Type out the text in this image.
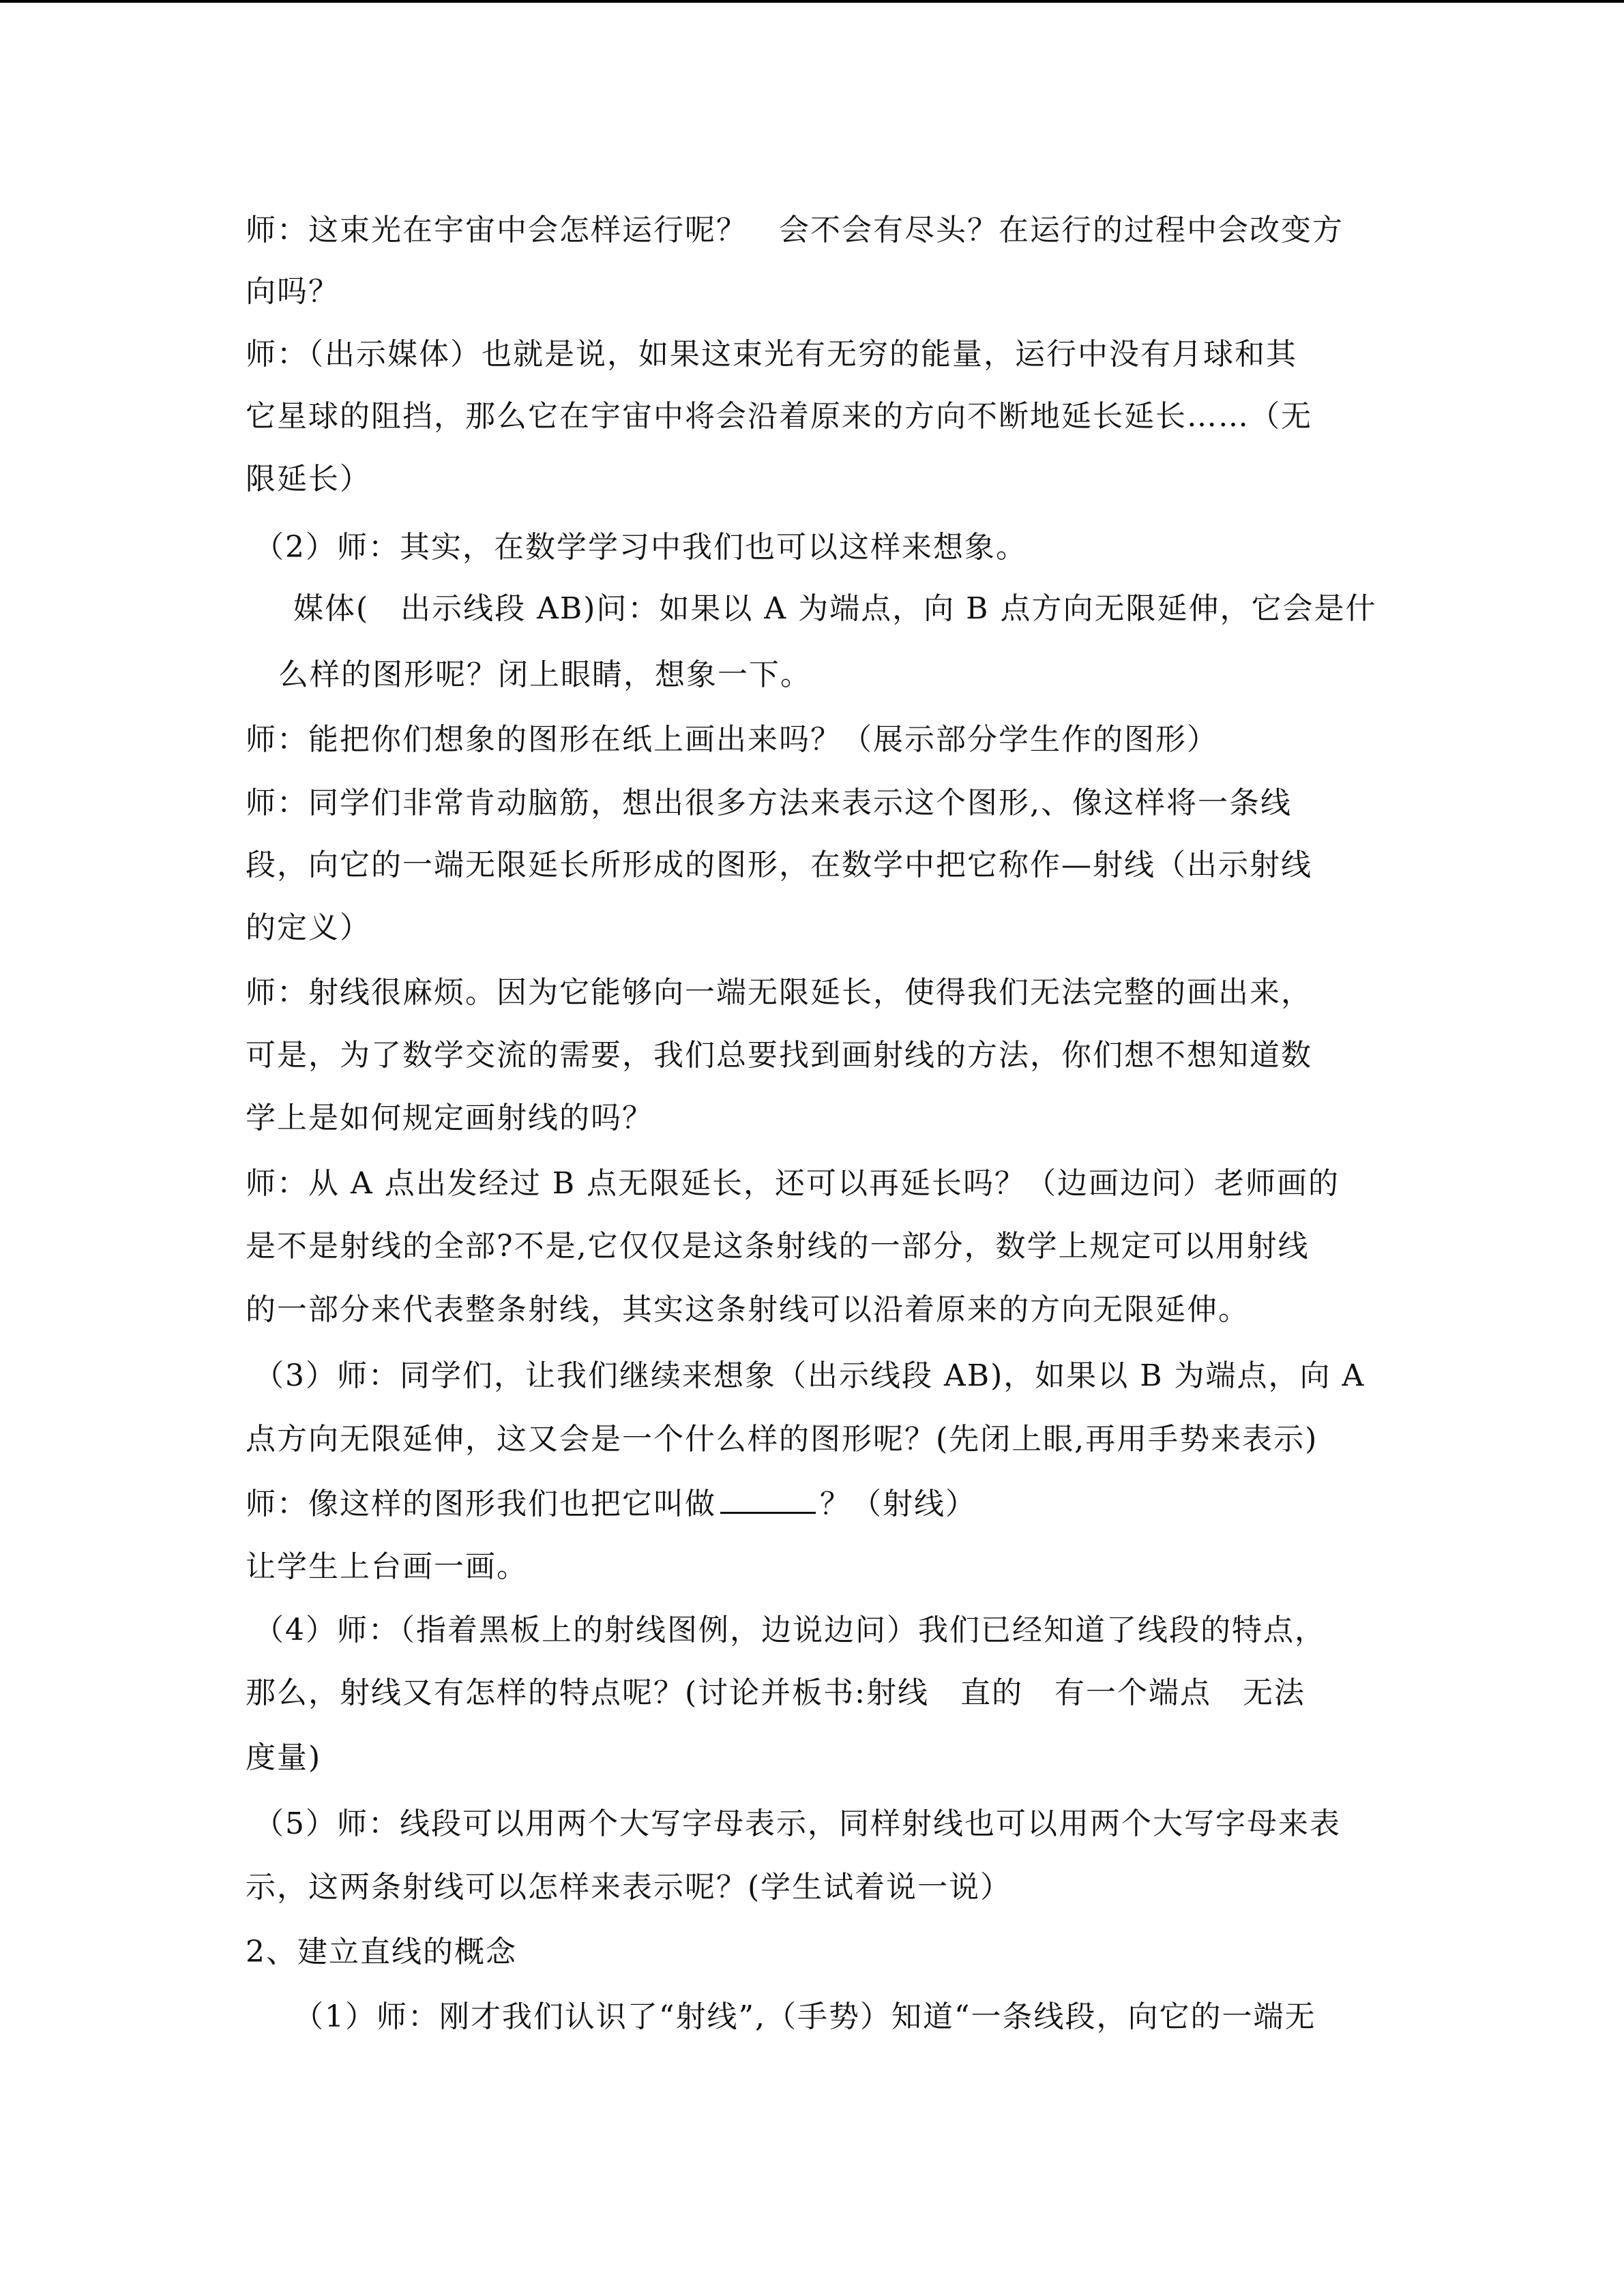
师：这束光在宇宙中会怎样运行呢？　会不会有尽头？在运行的过程中会改变方
向吗？
师：（出示媒体）也就是说，如果这束光有无穷的能量，运行中没有月球和其
它星球的阻挡，那么它在宇宙中将会沿着原来的方向不断地延长延长……（无
限延长）
（2）师：其实，在数学学习中我们也可以这样来想象。
媒体(　出示线段 AB)问：如果以 A 为端点，向 B 点方向无限延伸，它会是什
么样的图形呢？闭上眼睛，想象一下。
师：能把你们想象的图形在纸上画出来吗？（展示部分学生作的图形）
师：同学们非常肯动脑筋，想出很多方法来表示这个图形,、像这样将一条线
段，向它的一端无限延长所形成的图形，在数学中把它称作—射线（出示射线
的定义）
师：射线很麻烦。因为它能够向一端无限延长，使得我们无法完整的画出来，
可是，为了数学交流的需要，我们总要找到画射线的方法，你们想不想知道数
学上是如何规定画射线的吗？
师：从 A 点出发经过 B 点无限延长，还可以再延长吗？（边画边问）老师画的
是不是射线的全部?不是,它仅仅是这条射线的一部分，数学上规定可以用射线
的一部分来代表整条射线，其实这条射线可以沿着原来的方向无限延伸。
（3）师：同学们，让我们继续来想象（出示线段 AB)，如果以 B 为端点，向 A
点方向无限延伸，这又会是一个什么样的图形呢？(先闭上眼,再用手势来表示)
师：像这样的图形我们也把它叫做	？（射线）
让学生上台画一画。
（4）师：（指着黑板上的射线图例，边说边问）我们已经知道了线段的特点，
那么，射线又有怎样的特点呢？(讨论并板书:射线　直的　有一个端点　无法
度量)
（5）师：线段可以用两个大写字母表示，同样射线也可以用两个大写字母来表
示，这两条射线可以怎样来表示呢？(学生试着说一说）
2、建立直线的概念
（1）师：刚才我们认识了“射线”,（手势）知道“一条线段，向它的一端无
